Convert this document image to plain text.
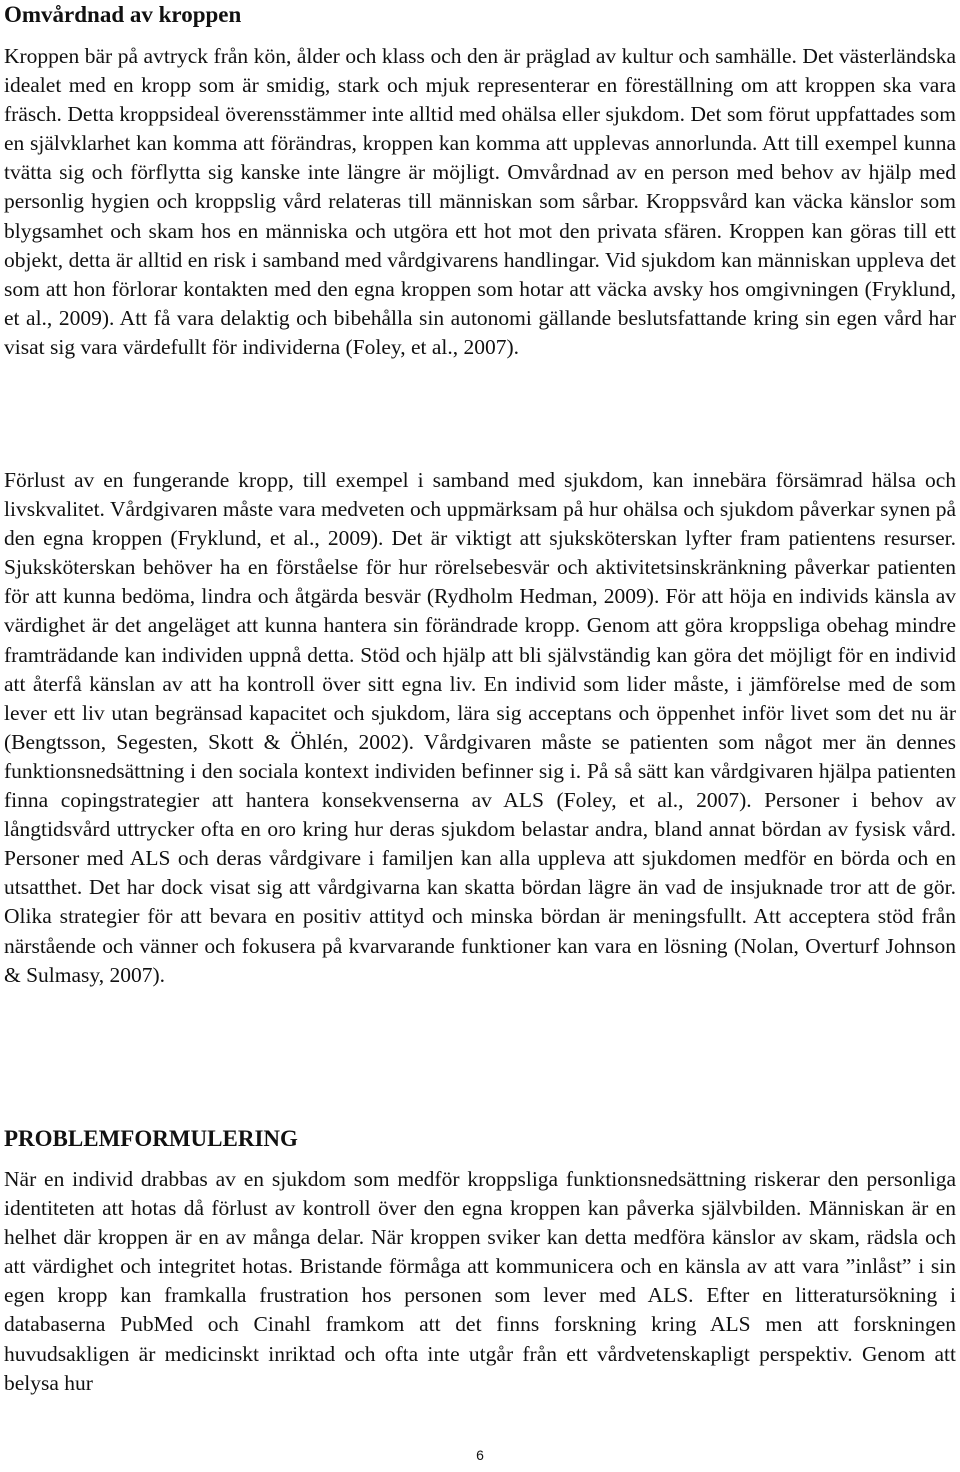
Omvårdnad av kroppen

Kroppen bär på avtryck från kön, ålder och klass och den är präglad av kultur och samhälle. Det västerländska idealet med en kropp som är smidig, stark och mjuk representerar en föreställning om att kroppen ska vara fräsch. Detta kroppsideal överensstämmer inte alltid med ohälsa eller sjukdom. Det som förut uppfattades som en självklarhet kan komma att förändras, kroppen kan komma att upplevas annorlunda. Att till exempel kunna tvätta sig och förflytta sig kanske inte längre är möjligt. Omvårdnad av en person med behov av hjälp med personlig hygien och kroppslig vård relateras till människan som sårbar. Kroppsvård kan väcka känslor som blygsamhet och skam hos en människa och utgöra ett hot mot den privata sfären. Kroppen kan göras till ett objekt, detta är alltid en risk i samband med vårdgivarens handlingar. Vid sjukdom kan människan uppleva det som att hon förlorar kontakten med den egna kroppen som hotar att väcka avsky hos omgivningen (Fryklund, et al., 2009). Att få vara delaktig och bibehålla sin autonomi gällande beslutsfattande kring sin egen vård har visat sig vara värdefullt för individerna (Foley, et al., 2007).

Förlust av en fungerande kropp, till exempel i samband med sjukdom, kan innebära försämrad hälsa och livskvalitet. Vårdgivaren måste vara medveten och uppmärksam på hur ohälsa och sjukdom påverkar synen på den egna kroppen (Fryklund, et al., 2009). Det är viktigt att sjuksköterskan lyfter fram patientens resurser. Sjuksköterskan behöver ha en förståelse för hur rörelsebesvär och aktivitetsinskränkning påverkar patienten för att kunna bedöma, lindra och åtgärda besvär (Rydholm Hedman, 2009). För att höja en individs känsla av värdighet är det angeläget att kunna hantera sin förändrade kropp. Genom att göra kroppsliga obehag mindre framträdande kan individen uppnå detta. Stöd och hjälp att bli självständig kan göra det möjligt för en individ att återfå känslan av att ha kontroll över sitt egna liv. En individ som lider måste, i jämförelse med de som lever ett liv utan begränsad kapacitet och sjukdom, lära sig acceptans och öppenhet inför livet som det nu är (Bengtsson, Segesten, Skott & Öhlén, 2002). Vårdgivaren måste se patienten som något mer än dennes funktionsnedsättning i den sociala kontext individen befinner sig i. På så sätt kan vårdgivaren hjälpa patienten finna copingstrategier att hantera konsekvenserna av ALS (Foley, et al., 2007). Personer i behov av långtidsvård uttrycker ofta en oro kring hur deras sjukdom belastar andra, bland annat bördan av fysisk vård. Personer med ALS och deras vårdgivare i familjen kan alla uppleva att sjukdomen medför en börda och en utsatthet. Det har dock visat sig att vårdgivarna kan skatta bördan lägre än vad de insjuknade tror att de gör. Olika strategier för att bevara en positiv attityd och minska bördan är meningsfullt. Att acceptera stöd från närstående och vänner och fokusera på kvarvarande funktioner kan vara en lösning (Nolan, Overturf Johnson & Sulmasy, 2007).

PROBLEMFORMULERING

När en individ drabbas av en sjukdom som medför kroppsliga funktionsnedsättning riskerar den personliga identiteten att hotas då förlust av kontroll över den egna kroppen kan påverka självbilden. Människan är en helhet där kroppen är en av många delar. När kroppen sviker kan detta medföra känslor av skam, rädsla och att värdighet och integritet hotas. Bristande förmåga att kommunicera och en känsla av att vara ”inlåst” i sin egen kropp kan framkalla frustration hos personen som lever med ALS. Efter en litteratursökning i databaserna PubMed och Cinahl framkom att det finns forskning kring ALS men att forskningen huvudsakligen är medicinskt inriktad och ofta inte utgår från ett vårdvetenskapligt perspektiv. Genom att belysa hur

6
